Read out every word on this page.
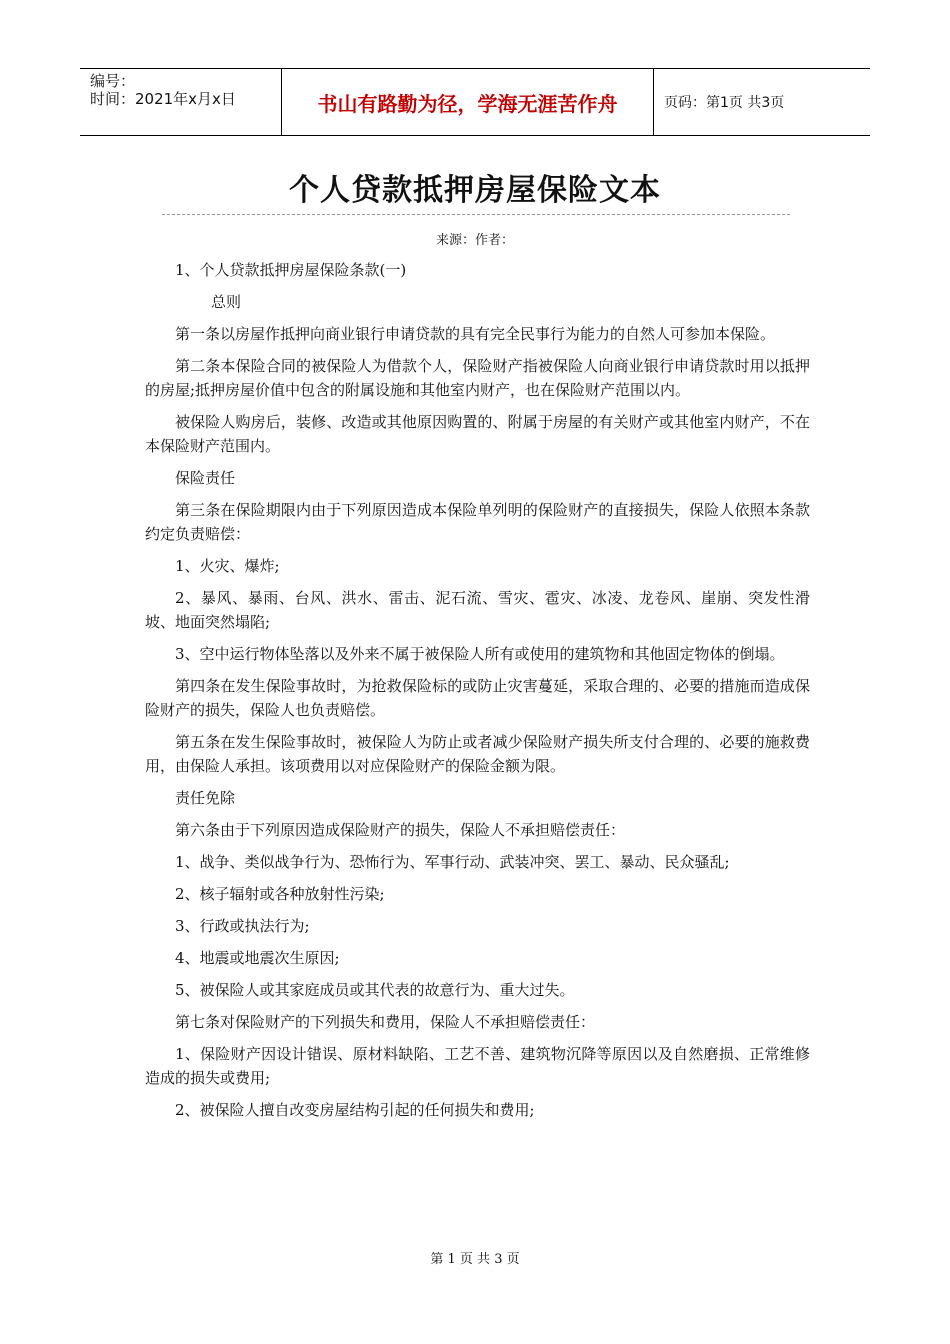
编号：
时间：2021年x月x日	书山有路勤为径，学海无涯苦作舟	页码：第1页 共3页
个人贷款抵押房屋保险文本
来源：作者：

1、个人贷款抵押房屋保险条款(一)

总则

第一条以房屋作抵押向商业银行申请贷款的具有完全民事行为能力的自然人可参加本保险。

第二条本保险合同的被保险人为借款个人，保险财产指被保险人向商业银行申请贷款时用以抵押的房屋;抵押房屋价值中包含的附属设施和其他室内财产，也在保险财产范围以内。

被保险人购房后，装修、改造或其他原因购置的、附属于房屋的有关财产或其他室内财产，不在本保险财产范围内。

保险责任

第三条在保险期限内由于下列原因造成本保险单列明的保险财产的直接损失，保险人依照本条款约定负责赔偿：

1、火灾、爆炸;

2、暴风、暴雨、台风、洪水、雷击、泥石流、雪灾、雹灾、冰凌、龙卷风、崖崩、突发性滑坡、地面突然塌陷;

3、空中运行物体坠落以及外来不属于被保险人所有或使用的建筑物和其他固定物体的倒塌。

第四条在发生保险事故时，为抢救保险标的或防止灾害蔓延，采取合理的、必要的措施而造成保险财产的损失，保险人也负责赔偿。

第五条在发生保险事故时，被保险人为防止或者减少保险财产损失所支付合理的、必要的施救费用，由保险人承担。该项费用以对应保险财产的保险金额为限。

责任免除

第六条由于下列原因造成保险财产的损失，保险人不承担赔偿责任：

1、战争、类似战争行为、恐怖行为、军事行动、武装冲突、罢工、暴动、民众骚乱;

2、核子辐射或各种放射性污染;

3、行政或执法行为;

4、地震或地震次生原因;

5、被保险人或其家庭成员或其代表的故意行为、重大过失。

第七条对保险财产的下列损失和费用，保险人不承担赔偿责任：

1、保险财产因设计错误、原材料缺陷、工艺不善、建筑物沉降等原因以及自然磨损、正常维修造成的损失或费用;

2、被保险人擅自改变房屋结构引起的任何损失和费用;

第 1 页 共 3 页
